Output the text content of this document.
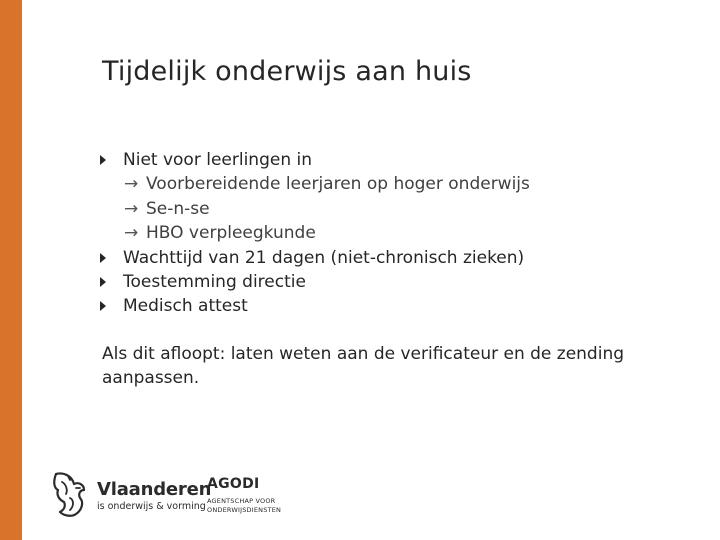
Tijdelijk onderwijs aan huis
Niet voor leerlingen in
→ Voorbereidende leerjaren op hoger onderwijs
→ Se-n-se
→ HBO verpleegkunde
Wachttijd van 21 dagen (niet-chronisch zieken)
Toestemming directie
Medisch attest
Als dit afloopt: laten weten aan de verificateur en de zending aanpassen.
Vlaanderen
is onderwijs & vorming
AGODI
AGENTSCHAP VOOR ONDERWIJSDIENSTEN
